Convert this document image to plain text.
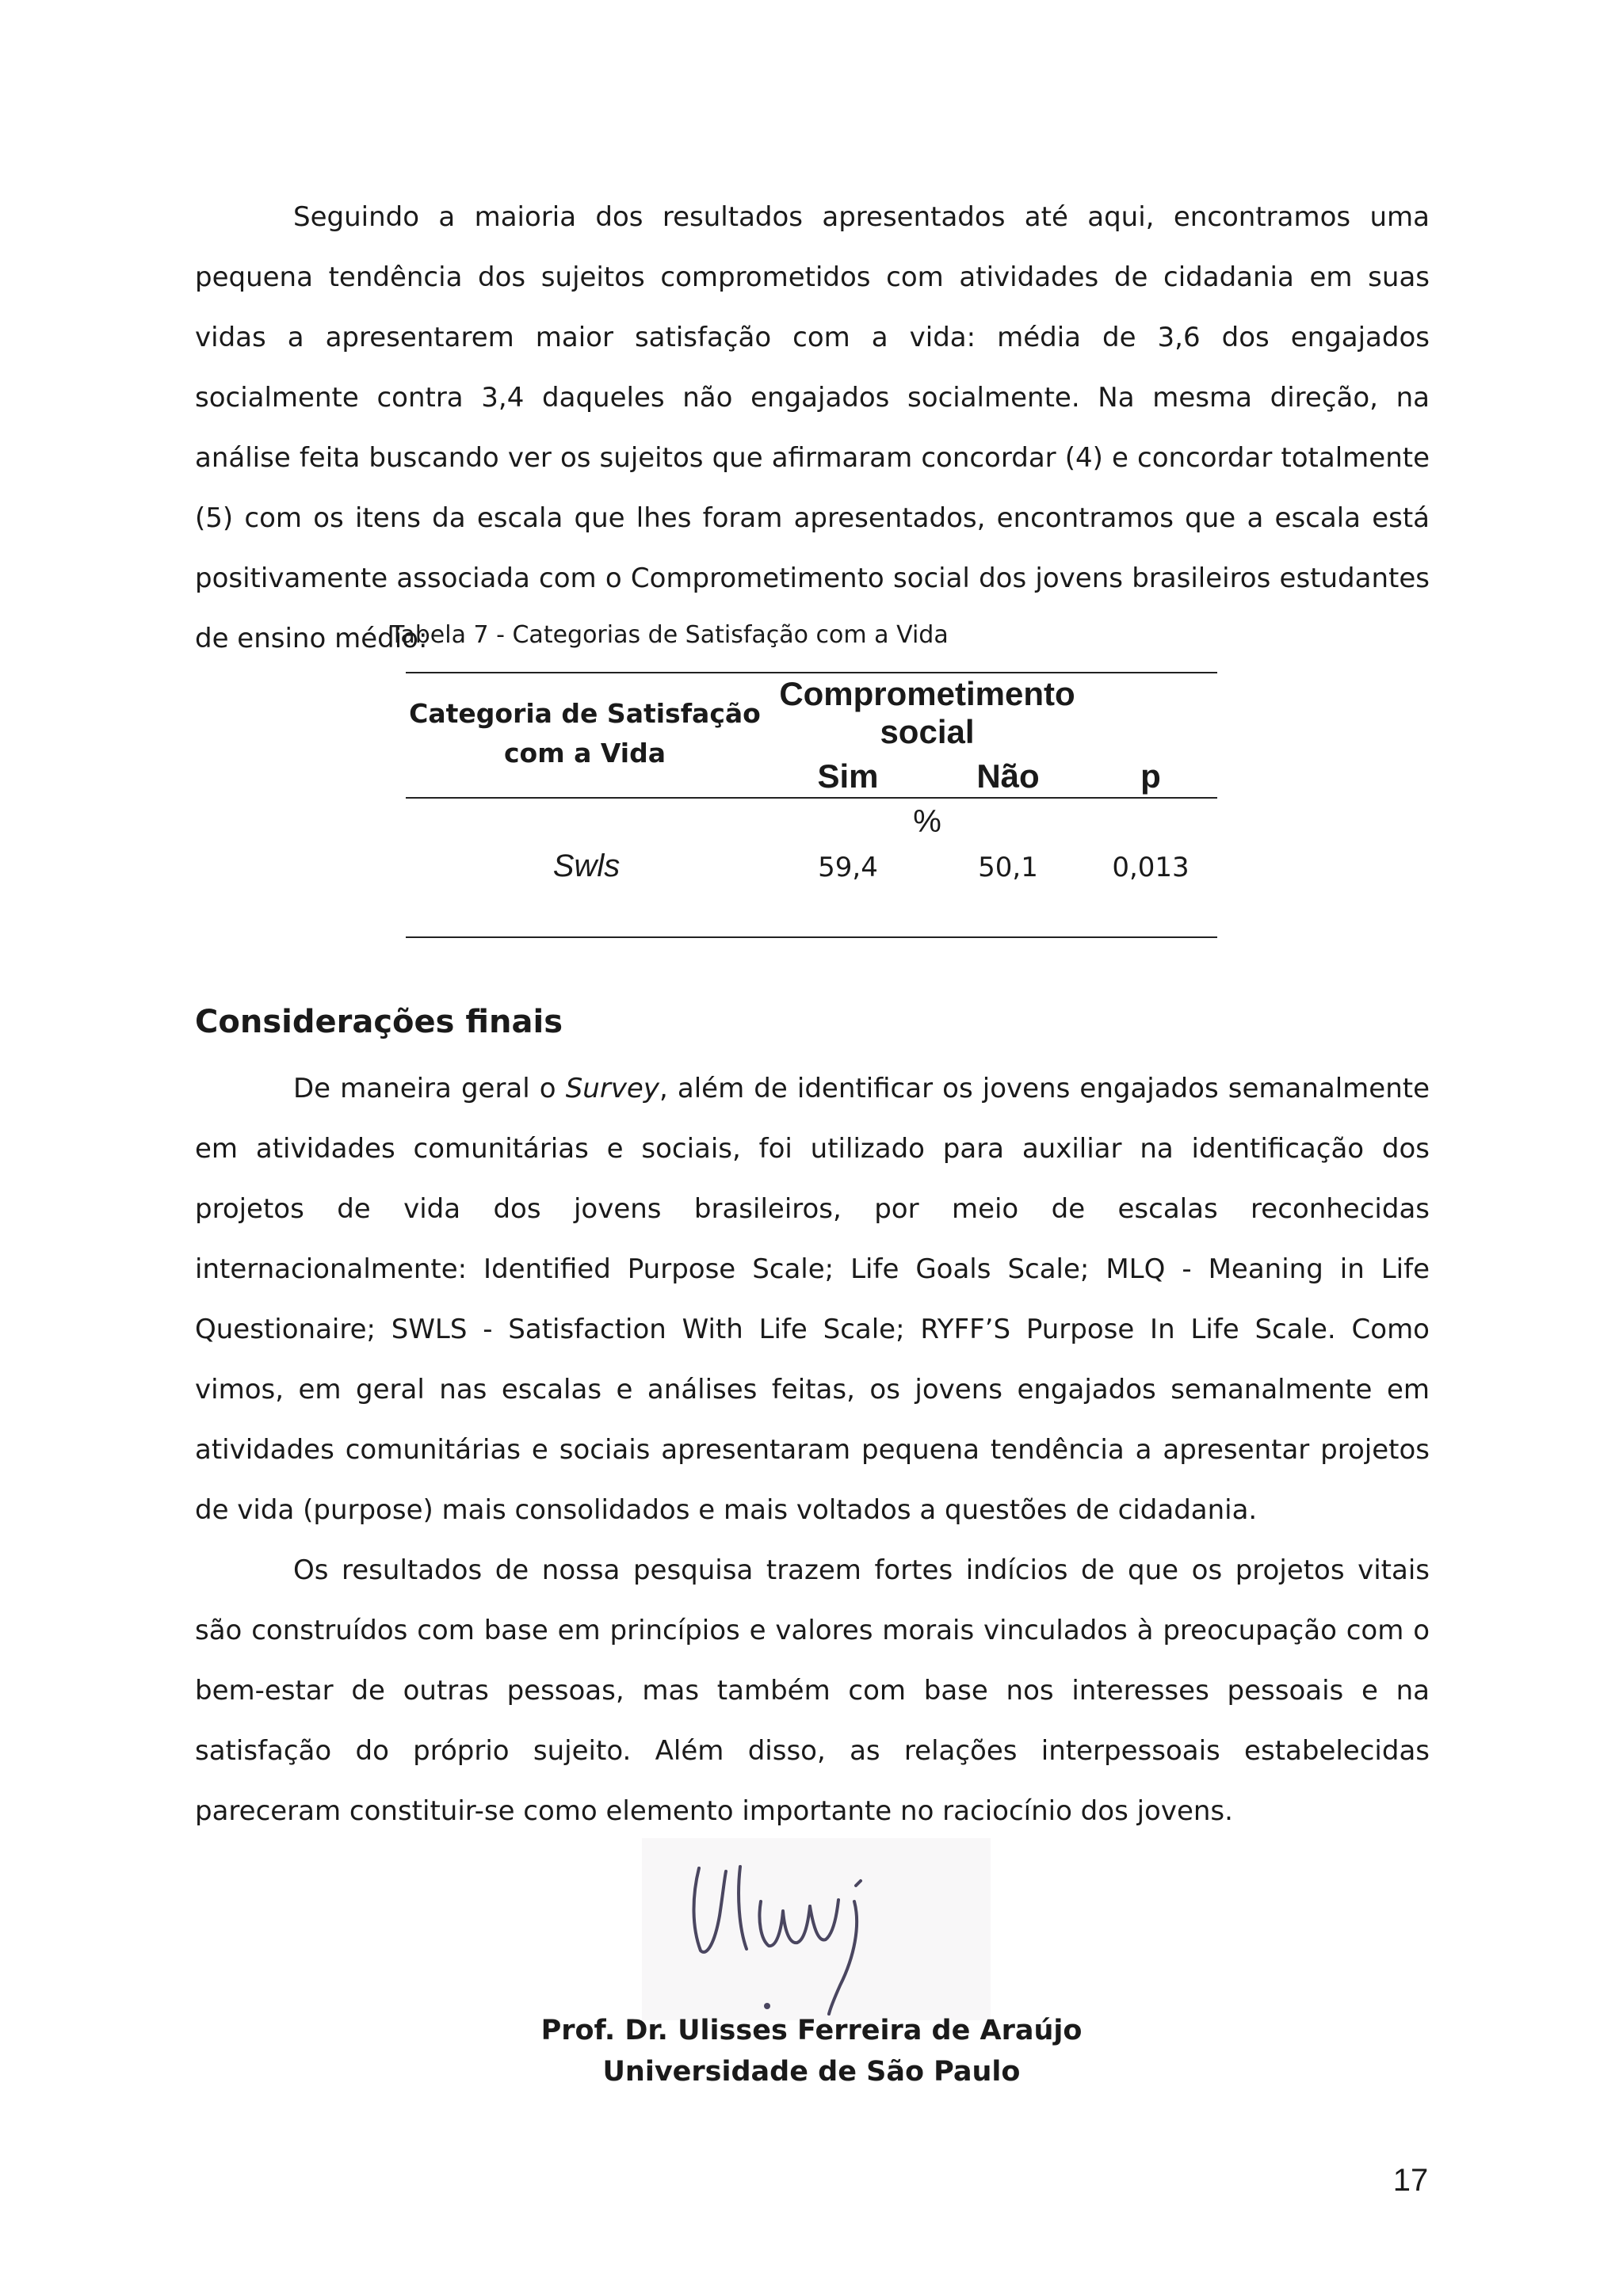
Seguindo a maioria dos resultados apresentados até aqui, encontramos uma pequena tendência dos sujeitos comprometidos com atividades de cidadania em suas vidas a apresentarem maior satisfação com a vida: média de 3,6 dos engajados socialmente contra 3,4 daqueles não engajados socialmente. Na mesma direção, na análise feita buscando ver os sujeitos que afirmaram concordar (4) e concordar totalmente (5) com os itens da escala que lhes foram apresentados, encontramos que a escala está positivamente associada com o Comprometimento social dos jovens brasileiros estudantes de ensino médio:

Tabela 7 - Categorias de Satisfação com a Vida
Categoria de Satisfação
com a Vida
Comprometimento
social
Sim	Não	p
%
Swls	59,4	50,1	0,013
Considerações finais

De maneira geral o Survey, além de identificar os jovens engajados semanalmente em atividades comunitárias e sociais, foi utilizado para auxiliar na identificação dos projetos de vida dos jovens brasileiros, por meio de escalas reconhecidas internacionalmente: Identified Purpose Scale; Life Goals Scale; MLQ - Meaning in Life Questionaire; SWLS - Satisfaction With Life Scale; RYFF’S Purpose In Life Scale. Como vimos, em geral nas escalas e análises feitas, os jovens engajados semanalmente em atividades comunitárias e sociais apresentaram pequena tendência a apresentar projetos de vida (purpose) mais consolidados e mais voltados a questões de cidadania.

Os resultados de nossa pesquisa trazem fortes indícios de que os projetos vitais são construídos com base em princípios e valores morais vinculados à preocupação com o bem-estar de outras pessoas, mas também com base nos interesses pessoais e na satisfação do próprio sujeito. Além disso, as relações interpessoais estabelecidas pareceram constituir-se como elemento importante no raciocínio dos jovens.

Prof. Dr. Ulisses Ferreira de Araújo
Universidade de São Paulo
17
